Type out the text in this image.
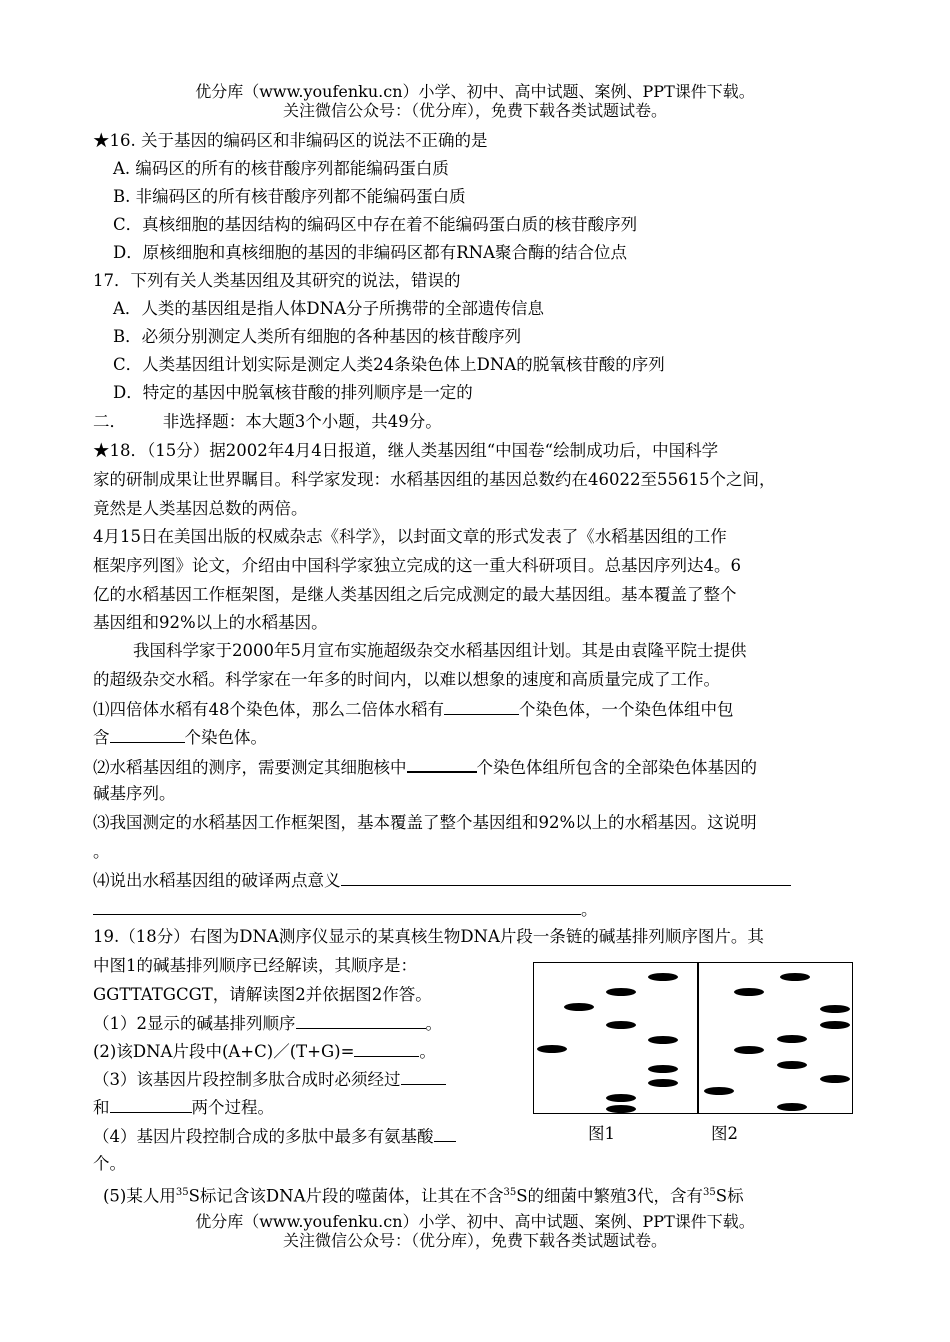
优分库（www.youfenku.cn）小学、初中、高中试题、案例、PPT课件下载。
关注微信公众号：（优分库），免费下载各类试题试卷。
★16. 关于基因的编码区和非编码区的说法不正确的是
A. 编码区的所有的核苷酸序列都能编码蛋白质
B. 非编码区的所有核苷酸序列都不能编码蛋白质
C．真核细胞的基因结构的编码区中存在着不能编码蛋白质的核苷酸序列
D．原核细胞和真核细胞的基因的非编码区都有RNA聚合酶的结合位点
17．下列有关人类基因组及其研究的说法，错误的
A．人类的基因组是指人体DNA分子所携带的全部遗传信息
B．必须分别测定人类所有细胞的各种基因的核苷酸序列
C．人类基因组计划实际是测定人类24条染色体上DNA的脱氧核苷酸的序列
D．特定的基因中脱氧核苷酸的排列顺序是一定的
二．       非选择题：本大题3个小题，共49分。
★18．（15分）据2002年4月4日报道，继人类基因组“中国卷“绘制成功后，中国科学
家的研制成果让世界瞩目。科学家发现：水稻基因组的基因总数约在46022至55615个之间，
竟然是人类基因总数的两倍。
4月15日在美国出版的权威杂志《科学》，以封面文章的形式发表了《水稻基因组的工作
框架序列图》论文，介绍由中国科学家独立完成的这一重大科研项目。总基因序列达4。6
亿的水稻基因工作框架图，是继人类基因组之后完成测定的最大基因组。基本覆盖了整个
基因组和92%以上的水稻基因。
我国科学家于2000年5月宣布实施超级杂交水稻基因组计划。其是由袁隆平院士提供
的超级杂交水稻。科学家在一年多的时间内，以难以想象的速度和高质量完成了工作。
⑴四倍体水稻有48个染色体，那么二倍体水稻有	个染色体，一个染色体组中包
含	个染色体。
⑵水稻基因组的测序，需要测定其细胞核中	个染色体组所包含的全部染色体基因的
碱基序列。
⑶我国测定的水稻基因工作框架图，基本覆盖了整个基因组和92%以上的水稻基因。这说明
。
⑷说出水稻基因组的破译两点意义
。
19.（18分）右图为DNA测序仪显示的某真核生物DNA片段一条链的碱基排列顺序图片。其
中图1的碱基排列顺序已经解读，其顺序是：
GGTTATGCGT，请解读图2并依据图2作答。
（1）2显示的碱基排列顺序	。
(2)该DNA片段中(A+C)／(T+G)=	。
（3）该基因片段控制多肽合成时必须经过
和	两个过程。
（4）基因片段控制合成的多肽中最多有氨基酸
个。
(5)某人用$^{35}$S标记含该DNA片段的噬菌体，让其在不含$^{35}$S的细菌中繁殖3代，含有$^{35}$S标
图1	图2
优分库（www.youfenku.cn）小学、初中、高中试题、案例、PPT课件下载。
关注微信公众号：（优分库），免费下载各类试题试卷。
